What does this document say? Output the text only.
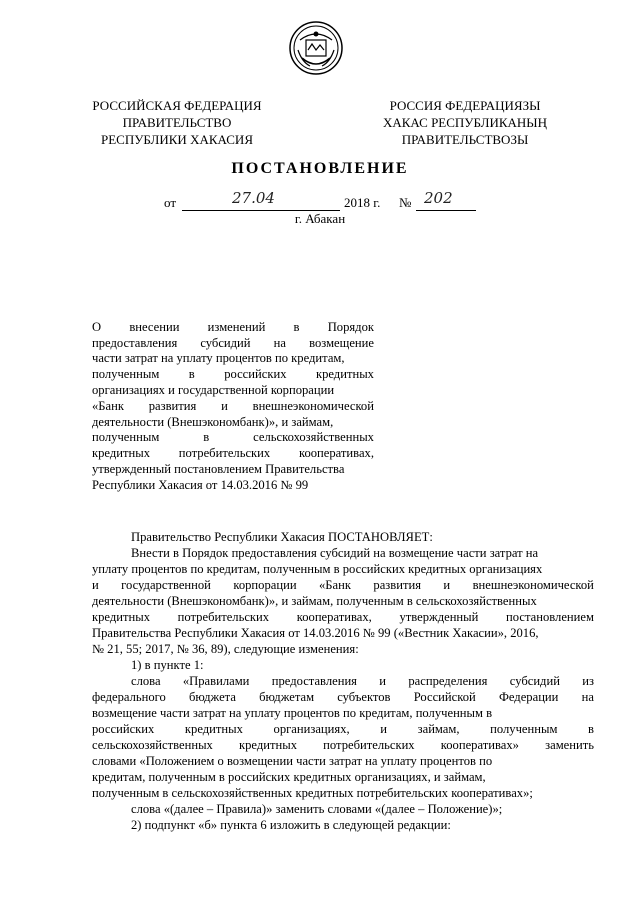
РОССИЙСКАЯ ФЕДЕРАЦИЯ
ПРАВИТЕЛЬСТВО
РЕСПУБЛИКИ ХАКАСИЯ
РОССИЯ ФЕДЕРАЦИЯЗЫ
ХАКАС РЕСПУБЛИКАНЫҢ
ПРАВИТЕЛЬСТВОЗЫ
ПОСТАНОВЛЕНИЕ
от	27.04	2018 г. № 202
г. Абакан
О внесении изменений в Порядок
предоставления субсидий на возмещение
части затрат на уплату процентов по кредитам,
полученным в российских кредитных
организациях и государственной корпорации
«Банк развития и внешнеэкономической
деятельности (Внешэкономбанк)», и займам,
полученным	в	сельскохозяйственных
кредитных потребительских кооперативах,
утвержденный постановлением Правительства
Республики Хакасия от 14.03.2016 № 99
Правительство Республики Хакасия ПОСТАНОВЛЯЕТ:
Внести в Порядок предоставления субсидий на возмещение части затрат на
уплату процентов по кредитам, полученным в российских кредитных организациях
и государственной корпорации «Банк развития и внешнеэкономической
деятельности (Внешэкономбанк)», и займам, полученным в сельскохозяйственных
кредитных потребительских кооперативах, утвержденный постановлением
Правительства Республики Хакасия от 14.03.2016 № 99 («Вестник Хакасии», 2016,
№ 21, 55; 2017, № 36, 89), следующие изменения:
1) в пункте 1:
слова «Правилами предоставления и распределения субсидий из
федерального бюджета бюджетам субъектов Российской Федерации на
возмещение части затрат на уплату процентов по кредитам, полученным в
российских кредитных организациях, и займам, полученным в
сельскохозяйственных кредитных потребительских кооперативах» заменить
словами «Положением о возмещении части затрат на уплату процентов по
кредитам, полученным в российских кредитных организациях, и займам,
полученным в сельскохозяйственных кредитных потребительских кооперативах»;
слова «(далее – Правила)» заменить словами «(далее – Положение)»;
2) подпункт «б» пункта 6 изложить в следующей редакции:
